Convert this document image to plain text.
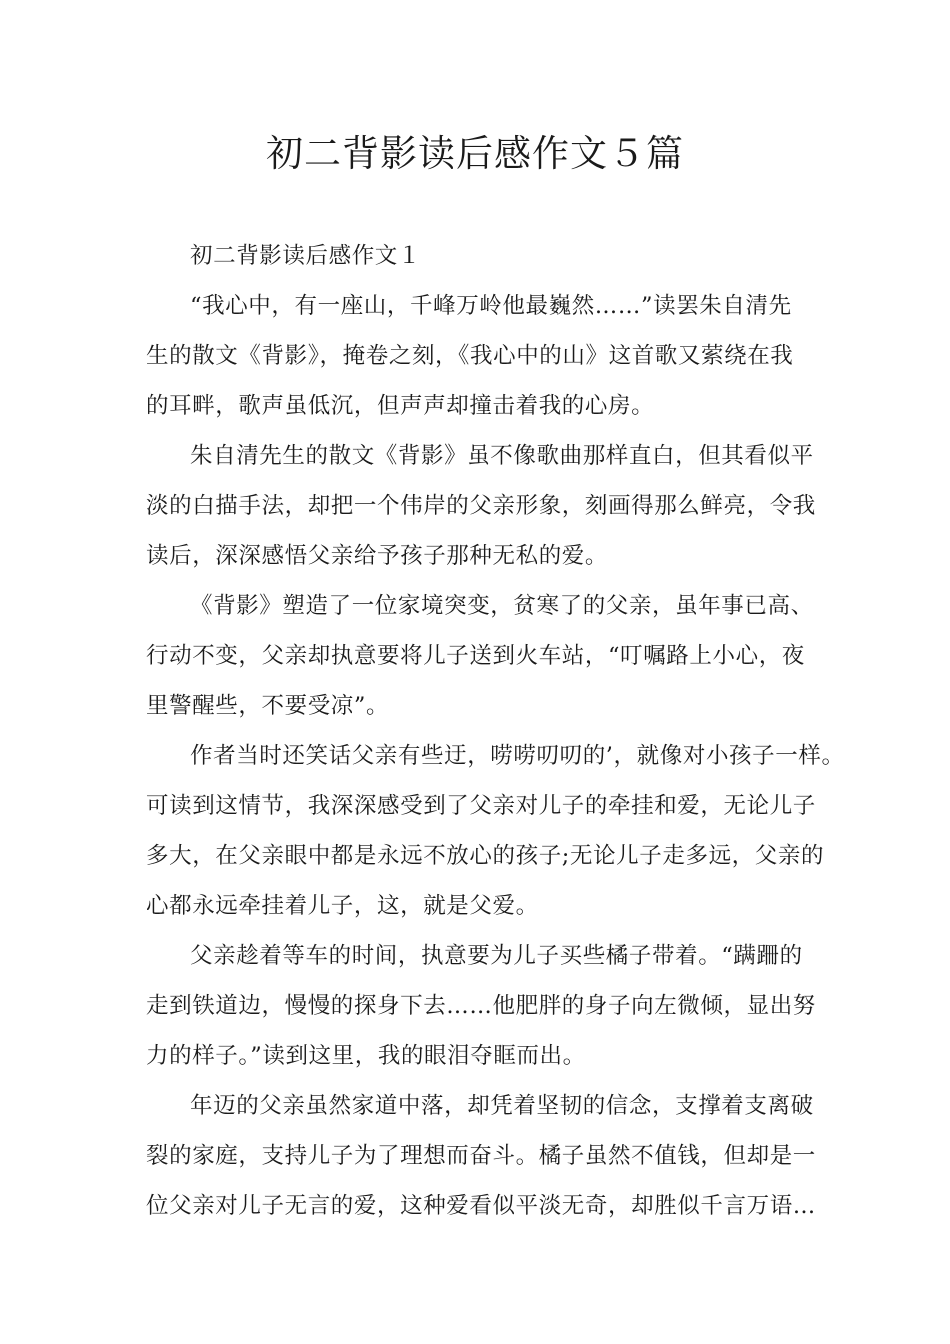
初二背影读后感作文５篇
初二背影读后感作文１
“我心中，有一座山，千峰万岭他最巍然……”读罢朱自清先
生的散文《背影》，掩卷之刻，《我心中的山》这首歌又萦绕在我
的耳畔，歌声虽低沉，但声声却撞击着我的心房。
朱自清先生的散文《背影》虽不像歌曲那样直白，但其看似平
淡的白描手法，却把一个伟岸的父亲形象，刻画得那么鲜亮，令我
读后，深深感悟父亲给予孩子那种无私的爱。
《背影》塑造了一位家境突变，贫寒了的父亲，虽年事已高、
行动不变，父亲却执意要将儿子送到火车站，“叮嘱路上小心，夜
里警醒些，不要受凉”。
作者当时还笑话父亲有些迂，唠唠叨叨的’，就像对小孩子一样。
可读到这情节，我深深感受到了父亲对儿子的牵挂和爱，无论儿子
多大，在父亲眼中都是永远不放心的孩子;无论儿子走多远，父亲的
心都永远牵挂着儿子，这，就是父爱。
父亲趁着等车的时间，执意要为儿子买些橘子带着。“蹒跚的
走到铁道边，慢慢的探身下去……他肥胖的身子向左微倾，显出努
力的样子。”读到这里，我的眼泪夺眶而出。
年迈的父亲虽然家道中落，却凭着坚韧的信念，支撑着支离破
裂的家庭，支持儿子为了理想而奋斗。橘子虽然不值钱，但却是一
位父亲对儿子无言的爱，这种爱看似平淡无奇，却胜似千言万语…
